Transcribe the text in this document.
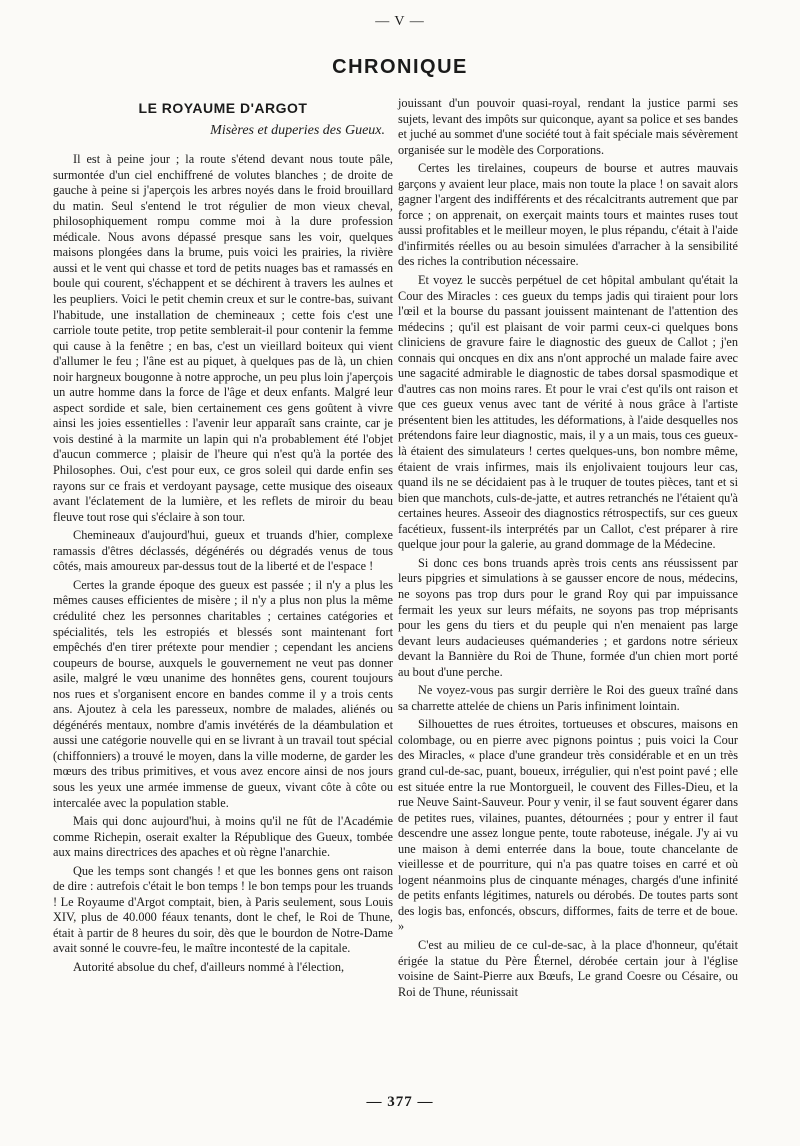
— V —
CHRONIQUE
LE ROYAUME D'ARGOT
Misères et duperies des Gueux.

Il est à peine jour ; la route s'étend devant nous toute pâle, surmontée d'un ciel enchiffrené de volutes blanches ; de droite de gauche à peine si j'aperçois les arbres noyés dans le froid brouillard du matin. Seul s'entend le trot régulier de mon vieux cheval, philosophiquement rompu comme moi à la dure profession médicale. Nous avons dépassé presque sans les voir, quelques maisons plongées dans la brume, puis voici les prairies, la rivière aussi et le vent qui chasse et tord de petits nuages bas et ramassés en boule qui courent, s'échappent et se déchirent à travers les aulnes et les peupliers. Voici le petit chemin creux et sur le contre-bas, suivant l'habitude, une installation de chemineaux ; cette fois c'est une carriole toute petite, trop petite semblerait-il pour contenir la femme qui cause à la fenêtre ; en bas, c'est un vieillard boiteux qui vient d'allumer le feu ; l'âne est au piquet, à quelques pas de là, un chien noir hargneux bougonne à notre approche, un peu plus loin j'aperçois un autre homme dans la force de l'âge et deux enfants. Malgré leur aspect sordide et sale, bien certainement ces gens goûtent à vivre ainsi les joies essentielles : l'avenir leur apparaît sans crainte, car je vois destiné à la marmite un lapin qui n'a probablement été l'objet d'aucun commerce ; plaisir de l'heure qui n'est qu'à la portée des Philosophes. Oui, c'est pour eux, ce gros soleil qui darde enfin ses rayons sur ce frais et verdoyant paysage, cette musique des oiseaux avant l'éclatement de la lumière, et les reflets de miroir du beau fleuve tout rose qui s'éclaire à son tour.

Chemineaux d'aujourd'hui, gueux et truands d'hier, complexe ramassis d'êtres déclassés, dégénérés ou dégradés venus de tous côtés, mais amoureux par-dessus tout de la liberté et de l'espace !

Certes la grande époque des gueux est passée ; il n'y a plus les mêmes causes efficientes de misère ; il n'y a plus non plus la même crédulité chez les personnes charitables ; certaines catégories et spécialités, tels les estropiés et blessés sont maintenant fort empêchés d'en tirer prétexte pour mendier ; cependant les anciens coupeurs de bourse, auxquels le gouvernement ne veut pas donner asile, malgré le vœu unanime des honnêtes gens, courent toujours nos rues et s'organisent encore en bandes comme il y a trois cents ans. Ajoutez à cela les paresseux, nombre de malades, aliénés ou dégénérés mentaux, nombre d'amis invétérés de la déambulation et aussi une catégorie nouvelle qui en se livrant à un travail tout spécial (chiffonniers) a trouvé le moyen, dans la ville moderne, de garder les mœurs des tribus primitives, et vous avez encore ainsi de nos jours sous les yeux une armée immense de gueux, vivant côte à côte ou intercalée avec la population stable.

Mais qui donc aujourd'hui, à moins qu'il ne fût de l'Académie comme Richepin, oserait exalter la République des Gueux, tombée aux mains directrices des apaches et où règne l'anarchie.

Que les temps sont changés ! et que les bonnes gens ont raison de dire : autrefois c'était le bon temps ! le bon temps pour les truands ! Le Royaume d'Argot comptait, bien, à Paris seulement, sous Louis XIV, plus de 40.000 féaux tenants, dont le chef, le Roi de Thune, était à partir de 8 heures du soir, dès que le bourdon de Notre-Dame avait sonné le couvre-feu, le maître incontesté de la capitale.

Autorité absolue du chef, d'ailleurs nommé à l'élection,

jouissant d'un pouvoir quasi-royal, rendant la justice parmi ses sujets, levant des impôts sur quiconque, ayant sa police et ses bandes et juché au sommet d'une société tout à fait spéciale mais sévèrement organisée sur le modèle des Corporations.

Certes les tirelaines, coupeurs de bourse et autres mauvais garçons y avaient leur place, mais non toute la place ! on savait alors gagner l'argent des indifférents et des récalcitrants autrement que par force ; on apprenait, on exerçait maints tours et maintes ruses tout aussi profitables et le meilleur moyen, le plus répandu, c'était à l'aide d'infirmités réelles ou au besoin simulées d'arracher à la sensibilité des riches la contribution nécessaire.

Et voyez le succès perpétuel de cet hôpital ambulant qu'était la Cour des Miracles : ces gueux du temps jadis qui tiraient pour lors l'œil et la bourse du passant jouissent maintenant de l'attention des médecins ; qu'il est plaisant de voir parmi ceux-ci quelques bons cliniciens de gravure faire le diagnostic des gueux de Callot ; j'en connais qui oncques en dix ans n'ont approché un malade faire avec une sagacité admirable le diagnostic de tabes dorsal spasmodique et d'autres cas non moins rares. Et pour le vrai c'est qu'ils ont raison et que ces gueux venus avec tant de vérité à nous grâce à l'artiste présentent bien les attitudes, les déformations, à l'aide desquelles nos prétendons faire leur diagnostic, mais, il y a un mais, tous ces gueux-là étaient des simulateurs ! certes quelques-uns, bon nombre même, étaient de vrais infirmes, mais ils enjolivaient toujours leur cas, quand ils ne se décidaient pas à le truquer de toutes pièces, tant et si bien que manchots, culs-de-jatte, et autres retranchés ne l'étaient qu'à certaines heures. Asseoir des diagnostics rétrospectifs, sur ces gueux facétieux, fussent-ils interprétés par un Callot, c'est préparer à rire quelque jour pour la galerie, au grand dommage de la Médecine.

Si donc ces bons truands après trois cents ans réussissent par leurs pipgries et simulations à se gausser encore de nous, médecins, ne soyons pas trop durs pour le grand Roy qui par impuissance fermait les yeux sur leurs méfaits, ne soyons pas trop méprisants pour les gens du tiers et du peuple qui n'en menaient pas large devant leurs audacieuses quémanderies ; et gardons notre sérieux devant la Bannière du Roi de Thune, formée d'un chien mort porté au bout d'une perche.

Ne voyez-vous pas surgir derrière le Roi des gueux traîné dans sa charrette attelée de chiens un Paris infiniment lointain.

Silhouettes de rues étroites, tortueuses et obscures, maisons en colombage, ou en pierre avec pignons pointus ; puis voici la Cour des Miracles, « place d'une grandeur très considérable et en un très grand cul-de-sac, puant, boueux, irrégulier, qui n'est point pavé ; elle est située entre la rue Montorgueil, le couvent des Filles-Dieu, et la rue Neuve Saint-Sauveur. Pour y venir, il se faut souvent égarer dans de petites rues, vilaines, puantes, détournées ; pour y entrer il faut descendre une assez longue pente, toute raboteuse, inégale. J'y ai vu une maison à demi enterrée dans la boue, toute chancelante de vieillesse et de pourriture, qui n'a pas quatre toises en carré et où logent néanmoins plus de cinquante ménages, chargés d'une infinité de petits enfants légitimes, naturels ou dérobés. De toutes parts sont des logis bas, enfoncés, obscurs, difformes, faits de terre et de boue. »

C'est au milieu de ce cul-de-sac, à la place d'honneur, qu'était érigée la statue du Père Éternel, dérobée certain jour à l'église voisine de Saint-Pierre aux Bœufs, Le grand Coesre ou Césaire, ou Roi de Thune, réunissait

— 377 —
